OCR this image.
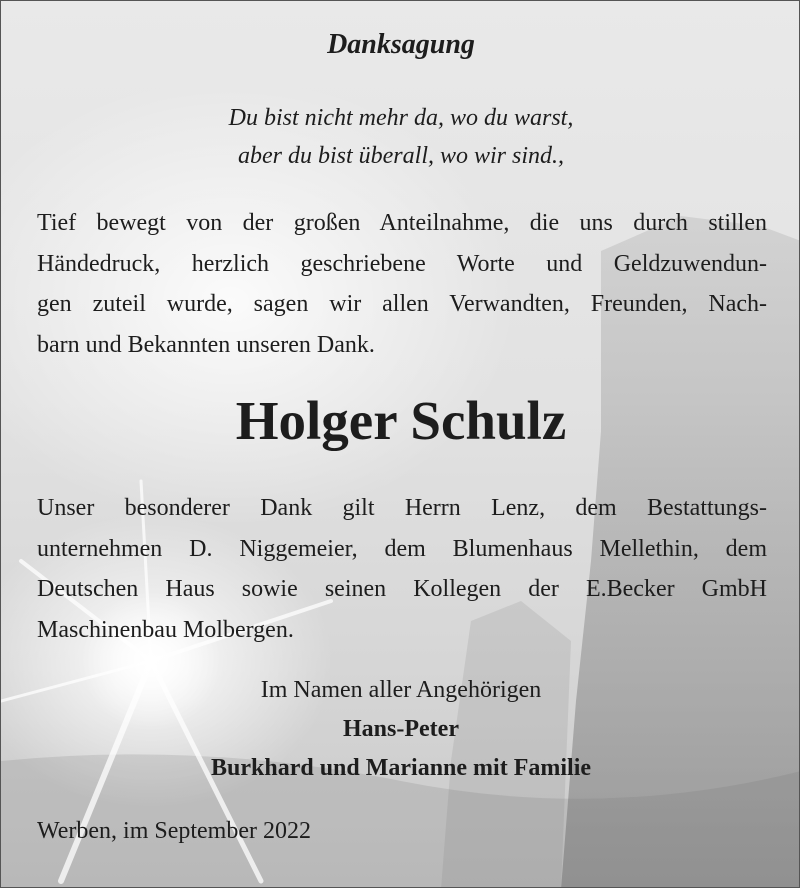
Danksagung
Du bist nicht mehr da, wo du warst,
aber du bist überall, wo wir sind.,
Tief bewegt von der großen Anteilnahme, die uns durch stillen
Händedruck, herzlich geschriebene Worte und Geldzuwendun-
gen zuteil wurde, sagen wir allen Verwandten, Freunden, Nach-
barn und Bekannten unseren Dank.
Holger Schulz
Unser besonderer Dank gilt Herrn Lenz, dem Bestattungs-
unternehmen D. Niggemeier, dem Blumenhaus Mellethin, dem
Deutschen Haus sowie seinen Kollegen der E.Becker GmbH
Maschinenbau Molbergen.
Im Namen aller Angehörigen
Hans-Peter
Burkhard und Marianne mit Familie
Werben, im September 2022
